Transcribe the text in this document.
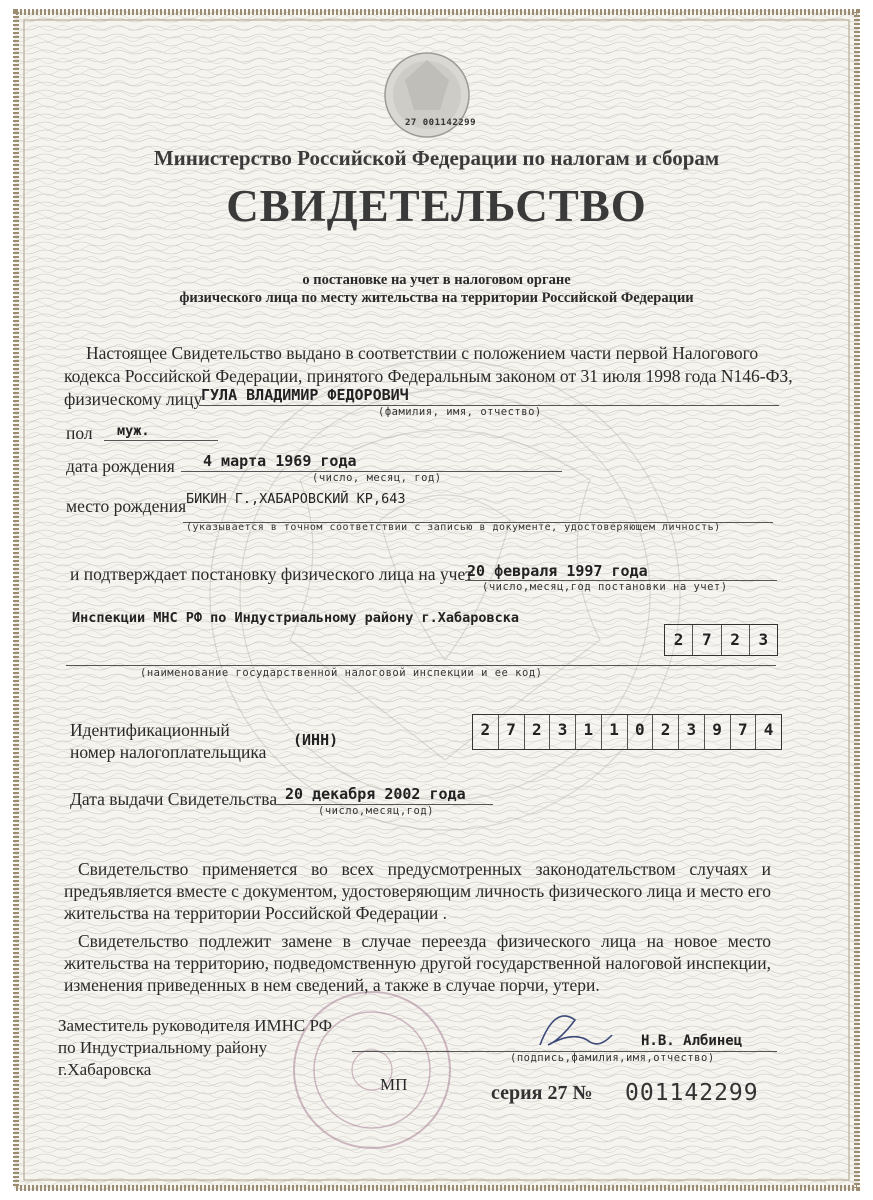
27 001142299
Министерство Российской Федерации по налогам и сборам
СВИДЕТЕЛЬСТВО
о постановке на учет в налоговом органе
физического лица по месту жительства на территории Российской Федерации
Настоящее Свидетельство выдано в соответствии с положением части первой Налогового
кодекса Российской Федерации, принятого Федеральным законом от 31 июля 1998 года N146-ФЗ,
физическому лицу
ГУЛА ВЛАДИМИР ФЕДОРОВИЧ
(фамилия, имя, отчество)
пол муж.
дата рождения 4 марта 1969 года
(число, месяц, год)
место рождения БИКИН Г.,ХАБАРОВСКИЙ КР,643
(указывается в точном соответствии с записью в документе, удостоверяющем личность)
и подтверждает постановку физического лица на учет
20 февраля 1997 года
(число,месяц,год постановки на учет)
Инспекции МНС РФ по Индустриальному району г.Хабаровска
2	7	2	3
(наименование государственной налоговой инспекции и ее код)
Идентификационный
номер налогоплательщика
(ИНН)
2	7	2	3	1	1	0	2	3	9	7	4
Дата выдачи Свидетельства 20 декабря 2002 года
(число,месяц,год)
Свидетельство применяется во всех предусмотренных законодательством случаях и предъявляется вместе с документом, удостоверяющим личность физического лица и место его жительства на территории Российской Федерации .
Свидетельство подлежит замене в случае переезда физического лица на новое место жительства на территорию, подведомственную другой государственной налоговой инспекции, изменения приведенных в нем сведений, а также в случае порчи, утери.
Заместитель руководителя ИМНС РФ
по Индустриальному району
г.Хабаровска
Н.В. Албинец
(подпись,фамилия,имя,отчество)
МП	серия 27 № 001142299
